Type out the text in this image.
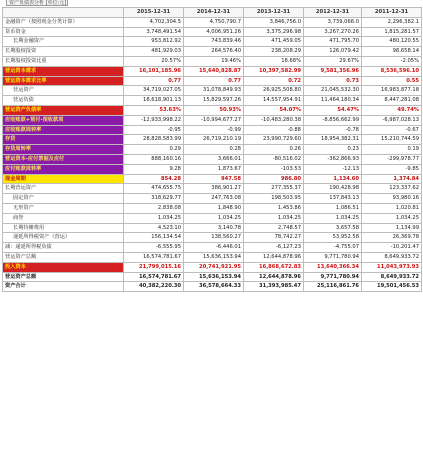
资产负债表分析 [单位:元]
	2015-12-31	2014-12-31	2013-12-31	2012-12-31	2011-12-31
金融资产（按照现金分类计算）	4,702,304.5	4,750,790.7	3,846,756.0	3,739,066.0	2,296,382.1
货币资金	3,748,491.54	4,006,951.26	3,375,296.98	3,267,270.26	1,815,281.57
长期金融资产	953,812.92	743,839.46	471,459.05	471,795.70	480,120.55
长期股权投资	481,929.03	264,576.40	238,208.29	126,079.42	98,658.14
长期股权投资比重	20.57%	19.46%	18.68%	29.67%	-2.05%
营运资本需求	16,101,185.96	15,640,828.87	10,397,582.99	9,581,356.96	8,536,596.10
营运资本需求比率	0.77	0.77	0.72	0.73	0.55
营运资产	34,719,027.05	31,078,849.93	26,925,508.80	21,045,532.30	16,983,877.18
营运负债	18,618,901.13	15,829,597.26	14,557,954.91	11,464,180.34	8,447,281.08
营运资产负债率	53.63%	50.93%	54.07%	54.47%	49.74%
应收账款+预付-预收款项	-12,933,998.22	-10,994,677.27	-10,483,280.38	-8,856,662.99	-6,987,028.13
应收账款周转率	-0.95	-0.99	-0.88	-0.78	-0.67
存货	28,828,583.99	26,719,210.19	23,990,729.60	18,954,382.31	15,210,744.59
存货周转率	0.29	0.28	0.26	0.23	0.19
营运资本-应付票据及应付	888,160.16	3,666.01	-80,516.02	-362,866.93	-299,978.77
应付账款周转率	9.28	1,873.67	-103.53	-12.13	-9.85
现金周期	854.28	947.58	986.80	1,134.60	1,374.84
长期营运资产	474,655.75	386,901.27	277,355.37	190,428.98	123,337.62
固定资产	318,629.77	247,763.08	198,503.95	137,843.13	93,980.16
无形资产	2,838.08	1,848.90	1,453.86	1,086.51	1,020.81
商誉	1,034.25	1,034.25	1,034.25	1,034.25	1,034.25
长期待摊费用	4,523.10	3,140.78	2,748.57	3,657.58	1,134.99
递延所得税资产（营运）	156,134.54	138,560.27	78,742.27	53,952.58	26,369.78
减：递延所得税负债	-6,555.95	-6,446.01	-6,127.23	-4,755.07	-10,201.47
营运资产总额	16,574,781.67	15,636,153.94	12,644,878.96	9,771,780.94	8,649,933.72
投入资本	21,799,015.16	20,741,921.95	16,868,672.83	13,640,366.34	11,043,973.93
营运资产总额	16,574,781.67	15,636,153.94	12,644,878.96	9,771,780.94	8,649,933.72
资产合计	40,382,220.30	36,578,664.33	31,393,985.47	25,116,861.76	19,501,456.53
